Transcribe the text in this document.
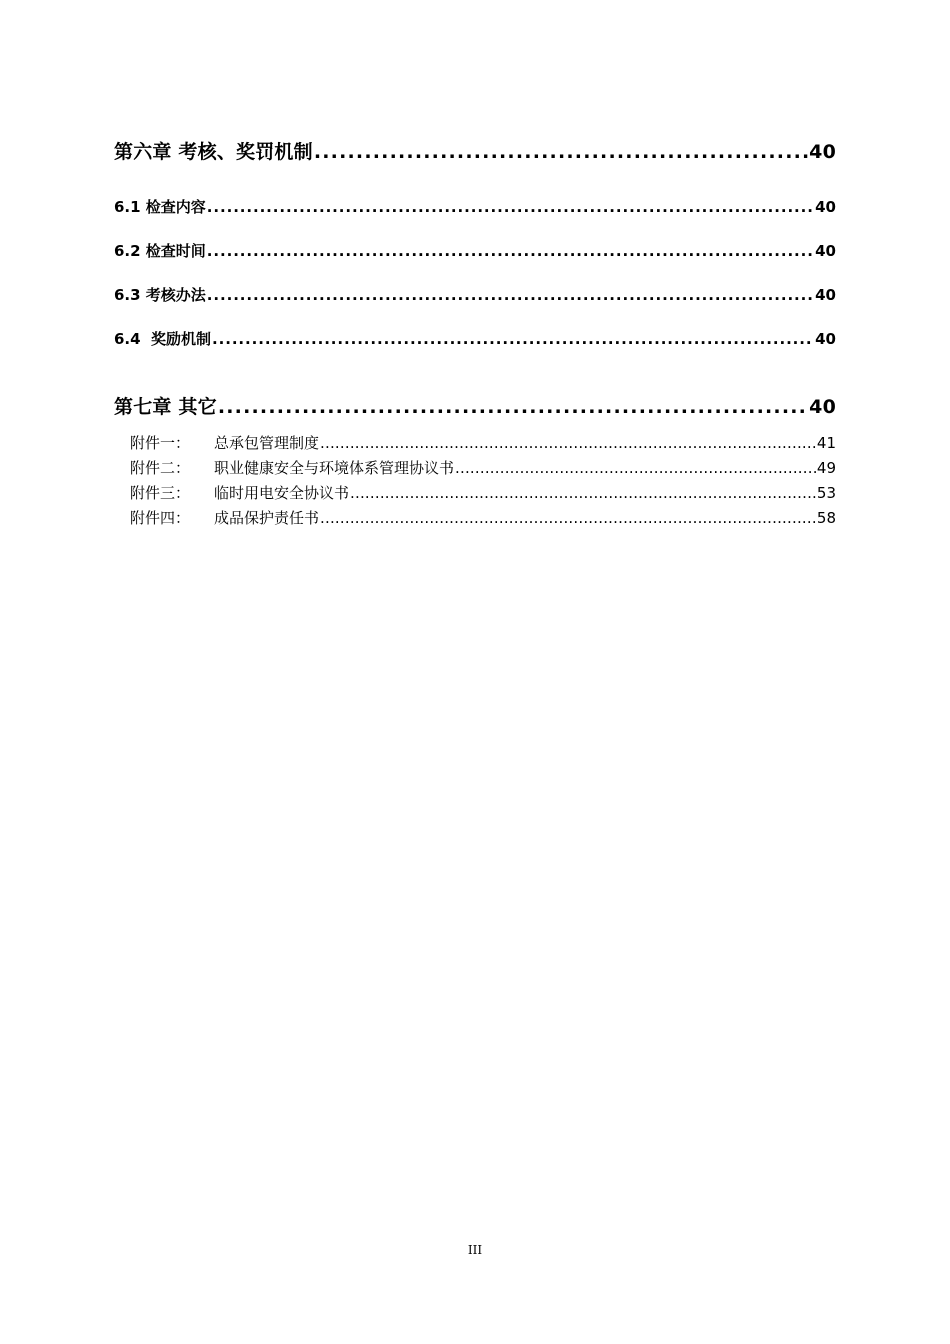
第六章 考核、奖罚机制 .....	40
6.1 检查内容 .....	40
6.2 检查时间 .....	40
6.3 考核办法 .....	40
6.4  奖励机制 .....	40
第七章 其它 .....	40
附件一：	总承包管理制度 .....	41
附件二：	职业健康安全与环境体系管理协议书 .....	49
附件三：	临时用电安全协议书 .....	53
附件四：	成品保护责任书 .....	58
III
